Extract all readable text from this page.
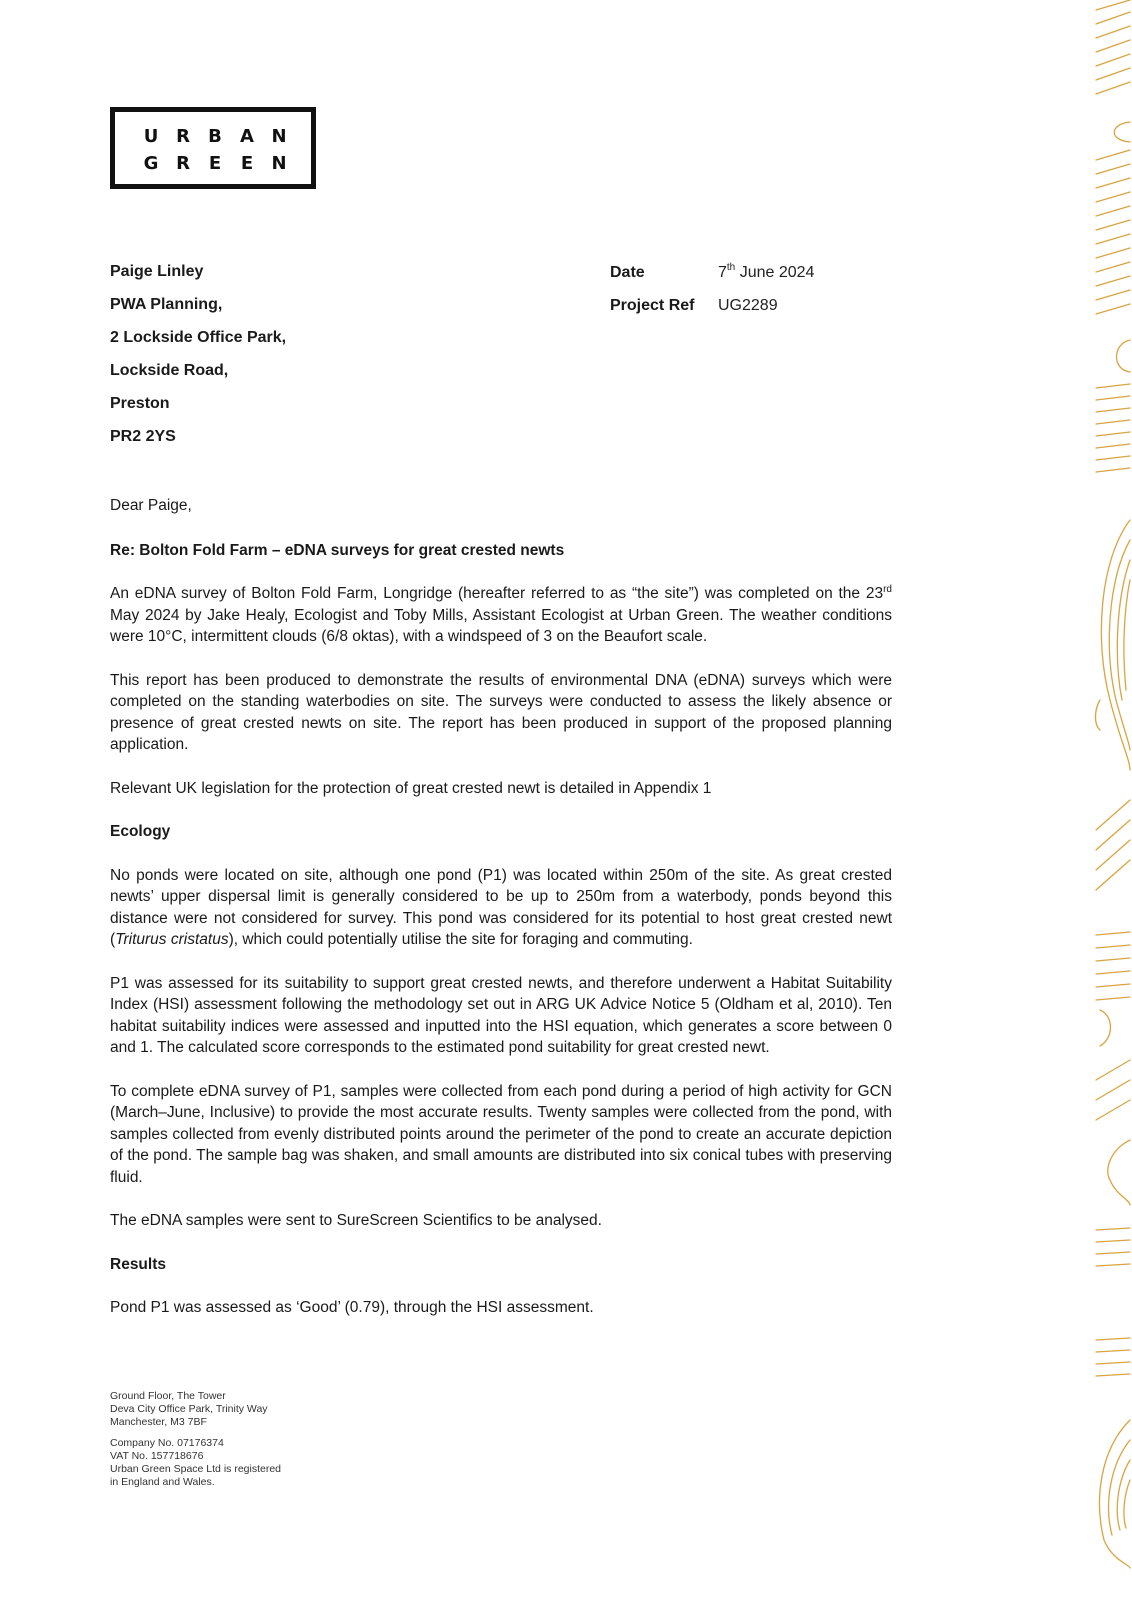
U R B A N
G R E E N
Paige Linley
PWA Planning,
2 Lockside Office Park,
Lockside Road,
Preston
PR2 2YS
Date	7th June 2024
Project Ref	UG2289

Dear Paige,

Re: Bolton Fold Farm – eDNA surveys for great crested newts

An eDNA survey of Bolton Fold Farm, Longridge (hereafter referred to as “the site”) was completed on the 23rd May 2024 by Jake Healy, Ecologist and Toby Mills, Assistant Ecologist at Urban Green. The weather conditions were 10°C, intermittent clouds (6/8 oktas), with a windspeed of 3 on the Beaufort scale.

This report has been produced to demonstrate the results of environmental DNA (eDNA) surveys which were completed on the standing waterbodies on site. The surveys were conducted to assess the likely absence or presence of great crested newts on site. The report has been produced in support of the proposed planning application.

Relevant UK legislation for the protection of great crested newt is detailed in Appendix 1

Ecology

No ponds were located on site, although one pond (P1) was located within 250m of the site. As great crested newts’ upper dispersal limit is generally considered to be up to 250m from a waterbody, ponds beyond this distance were not considered for survey. This pond was considered for its potential to host great crested newt (Triturus cristatus), which could potentially utilise the site for foraging and commuting.

P1 was assessed for its suitability to support great crested newts, and therefore underwent a Habitat Suitability Index (HSI) assessment following the methodology set out in ARG UK Advice Notice 5 (Oldham et al, 2010). Ten habitat suitability indices were assessed and inputted into the HSI equation, which generates a score between 0 and 1. The calculated score corresponds to the estimated pond suitability for great crested newt.

To complete eDNA survey of P1, samples were collected from each pond during a period of high activity for GCN (March–June, Inclusive) to provide the most accurate results. Twenty samples were collected from the pond, with samples collected from evenly distributed points around the perimeter of the pond to create an accurate depiction of the pond. The sample bag was shaken, and small amounts are distributed into six conical tubes with preserving fluid.

The eDNA samples were sent to SureScreen Scientifics to be analysed.

Results

Pond P1 was assessed as ‘Good’ (0.79), through the HSI assessment.

Ground Floor, The Tower
Deva City Office Park, Trinity Way
Manchester, M3 7BF
Company No. 07176374
VAT No. 157718676
Urban Green Space Ltd is registered
in England and Wales.
